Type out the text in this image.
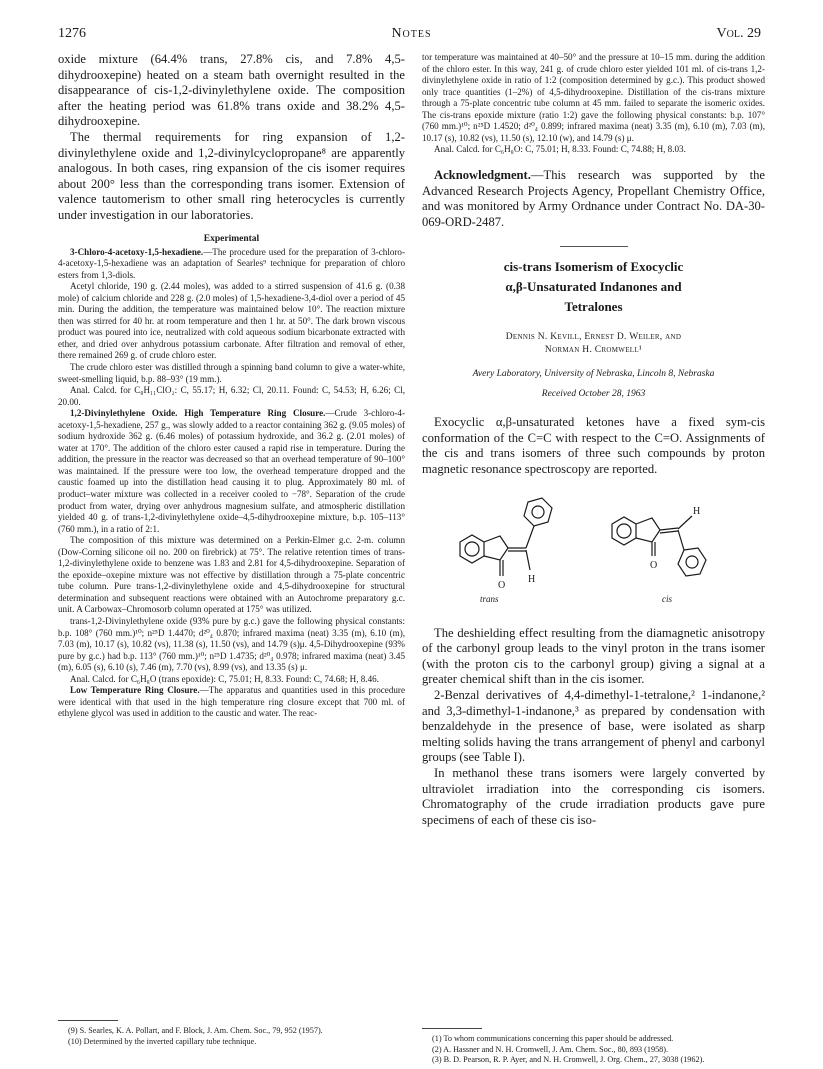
1276	Notes	Vol. 29

oxide mixture (64.4% trans, 27.8% cis, and 7.8% 4,5-dihydrooxepine) heated on a steam bath overnight resulted in the disappearance of cis-1,2-divinylethylene oxide. The composition after the heating period was 61.8% trans oxide and 38.2% 4,5-dihydrooxepine.

The thermal requirements for ring expansion of 1,2-divinylethylene oxide and 1,2-divinylcyclopropane⁸ are apparently analogous. In both cases, ring expansion of the cis isomer requires about 200° less than the corresponding trans isomer. Extension of valence tautomerism to other small ring heterocycles is currently under investigation in our laboratories.

Experimental

3-Chloro-4-acetoxy-1,5-hexadiene.—The procedure used for the preparation of 3-chloro-4-acetoxy-1,5-hexadiene was an adaptation of Searles⁹ technique for preparation of chloro esters from 1,3-diols.

Acetyl chloride, 190 g. (2.44 moles), was added to a stirred suspension of 41.6 g. (0.38 mole) of calcium chloride and 228 g. (2.0 moles) of 1,5-hexadiene-3,4-diol over a period of 45 min. During the addition, the temperature was maintained below 10°. The reaction mixture then was stirred for 40 hr. at room temperature and then 1 hr. at 50°. The dark brown viscous product was poured into ice, neutralized with cold aqueous sodium bicarbonate extracted with ether, and dried over anhydrous potassium carbonate. After filtration and removal of ether, there remained 269 g. of crude chloro ester.

The crude chloro ester was distilled through a spinning band column to give a water-white, sweet-smelling liquid, b.p. 88–93° (19 mm.).

Anal. Calcd. for C₈H₁₁ClO₂: C, 55.17; H, 6.32; Cl, 20.11. Found: C, 54.53; H, 6.26; Cl, 20.00.

1,2-Divinylethylene Oxide. High Temperature Ring Closure.—Crude 3-chloro-4-acetoxy-1,5-hexadiene, 257 g., was slowly added to a reactor containing 362 g. (9.05 moles) of sodium hydroxide 362 g. (6.46 moles) of potassium hydroxide, and 36.2 g. (2.01 moles) of water at 170°. The addition of the chloro ester caused a rapid rise in temperature. During the addition, the pressure in the reactor was decreased so that an overhead temperature of 90–100° was maintained. If the pressure were too low, the overhead temperature dropped and the caustic foamed up into the distillation head causing it to plug. Approximately 80 ml. of product–water mixture was collected in a receiver cooled to −78°. Separation of the crude product from water, drying over anhydrous magnesium sulfate, and atmospheric distillation yielded 40 g. of trans-1,2-divinylethylene oxide–4,5-dihydrooxepine mixture, b.p. 105–113° (760 mm.), in a ratio of 2:1.

The composition of this mixture was determined on a Perkin-Elmer g.c. 2-m. column (Dow-Corning silicone oil no. 200 on firebrick) at 75°. The relative retention times of trans-1,2-divinylethylene oxide to benzene was 1.83 and 2.81 for 4,5-dihydrooxepine. Separation of the epoxide–oxepine mixture was not effective by distillation through a 75-plate concentric tube column. Pure trans-1,2-divinylethylene oxide and 4,5-dihydrooxepine for structural determination and subsequent reactions were obtained with an Autochrome preparatory g.c. unit. A Carbowax–Chromosorb column operated at 175° was utilized.

trans-1,2-Divinylethylene oxide (93% pure by g.c.) gave the following physical constants: b.p. 108° (760 mm.)¹⁰; n²⁵D 1.4470; d²⁰₄ 0.870; infrared maxima (neat) 3.35 (m), 6.10 (m), 7.03 (m), 10.17 (s), 10.82 (vs), 11.38 (s), 11.50 (vs), and 14.79 (s)μ. 4,5-Dihydrooxepine (93% pure by g.c.) had b.p. 113° (760 mm.)¹⁰; n²⁵D 1.4735; d²⁰₄ 0.978; infrared maxima (neat) 3.45 (m), 6.05 (s), 6.10 (s), 7.46 (m), 7.70 (vs), 8.99 (vs), and 13.35 (s) μ.

Anal. Calcd. for C₆H₈O (trans epoxide): C, 75.01; H, 8.33. Found: C, 74.68; H, 8.46.

Low Temperature Ring Closure.—The apparatus and quantities used in this procedure were identical with that used in the high temperature ring closure except that 700 ml. of ethylene glycol was used in addition to the caustic and water. The reac-

(9) S. Searles, K. A. Pollart, and F. Block, J. Am. Chem. Soc., 79, 952 (1957).

(10) Determined by the inverted capillary tube technique.

tor temperature was maintained at 40–50° and the pressure at 10–15 mm. during the addition of the chloro ester. In this way, 241 g. of crude chloro ester yielded 101 ml. of cis-trans 1,2-divinylethylene oxide in ratio of 1:2 (composition determined by g.c.). This product showed only trace quantities (1–2%) of 4,5-dihydrooxepine. Distillation of the cis-trans mixture through a 75-plate concentric tube column at 45 mm. failed to separate the isomeric oxides. The cis-trans epoxide mixture (ratio 1:2) gave the following physical constants: b.p. 107° (760 mm.)¹⁰; n²⁵D 1.4520; d²⁰₄ 0.899; infrared maxima (neat) 3.35 (m), 6.10 (m), 7.03 (m), 10.17 (s), 10.82 (vs), 11.50 (s), 12.10 (w), and 14.79 (s) μ.

Anal. Calcd. for C₆H₈O: C, 75.01; H, 8.33. Found: C, 74.88; H, 8.03.

Acknowledgment.—This research was supported by the Advanced Research Projects Agency, Propellant Chemistry Office, and was monitored by Army Ordnance under Contract No. DA-30-069-ORD-2487.

cis-trans Isomerism of Exocyclic
α,β-Unsaturated Indanones and
Tetralones
Dennis N. Kevill, Ernest D. Weiler, and
Norman H. Cromwell¹
Avery Laboratory, University of Nebraska, Lincoln 8, Nebraska
Received October 28, 1963

Exocyclic α,β-unsaturated ketones have a fixed sym-cis conformation of the C=C with respect to the C=O. Assignments of the cis and trans isomers of three such compounds by proton magnetic resonance spectroscopy are reported.

O
H
O
H
trans	cis

The deshielding effect resulting from the diamagnetic anisotropy of the carbonyl group leads to the vinyl proton in the trans isomer (with the proton cis to the carbonyl group) giving a signal at a greater chemical shift than in the cis isomer.

2-Benzal derivatives of 4,4-dimethyl-1-tetralone,² 1-indanone,² and 3,3-dimethyl-1-indanone,³ as prepared by condensation with benzaldehyde in the presence of base, were isolated as sharp melting solids having the trans arrangement of phenyl and carbonyl groups (see Table I).

In methanol these trans isomers were largely converted by ultraviolet irradiation into the corresponding cis isomers. Chromatography of the crude irradiation products gave pure specimens of each of these cis iso-

(1) To whom communications concerning this paper should be addressed.

(2) A. Hassner and N. H. Cromwell, J. Am. Chem. Soc., 80, 893 (1958).

(3) B. D. Pearson, R. P. Ayer, and N. H. Cromwell, J. Org. Chem., 27, 3038 (1962).
